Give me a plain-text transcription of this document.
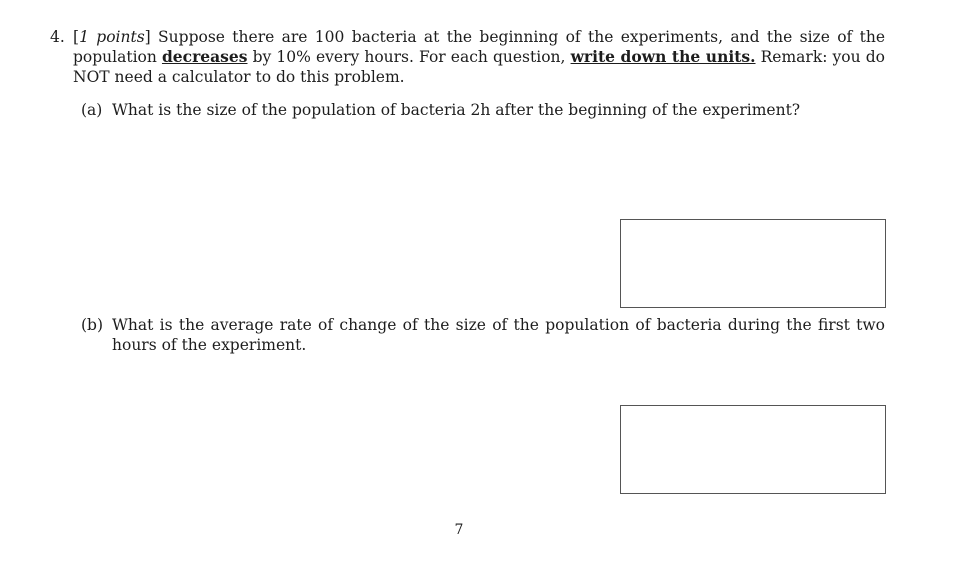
4. [1 points] Suppose there are 100 bacteria at the beginning of the experiments, and the size of the population decreases by 10% every hours. For each question, write down the units. Remark: you do NOT need a calculator to do this problem.
(a) What is the size of the population of bacteria 2h after the beginning of the experiment?
(b) What is the average rate of change of the size of the population of bacteria during the first two hours of the experiment.
7
